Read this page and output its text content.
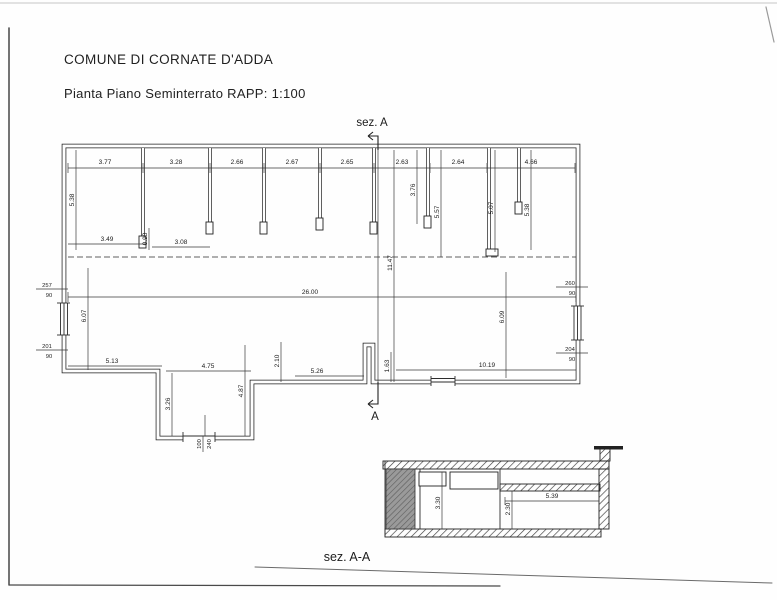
COMUNE DI CORNATE D'ADDA
Pianta Piano Seminterrato RAPP: 1:100
3.77	3.28	2.66	2.67	2.65	2.63	2.64	4.66
5.38
3.49	0.93	3.08
3.76
5.57	5.07	5.38
26.00
11.47
6.07	6.09
5.13
4.75	2.10
5.26	1.63	10.19
3.26
4.87
257
90
201
90
260
90
204
90
100 240
sez. A
A
3.30	2.30
5.39
sez. A-A
